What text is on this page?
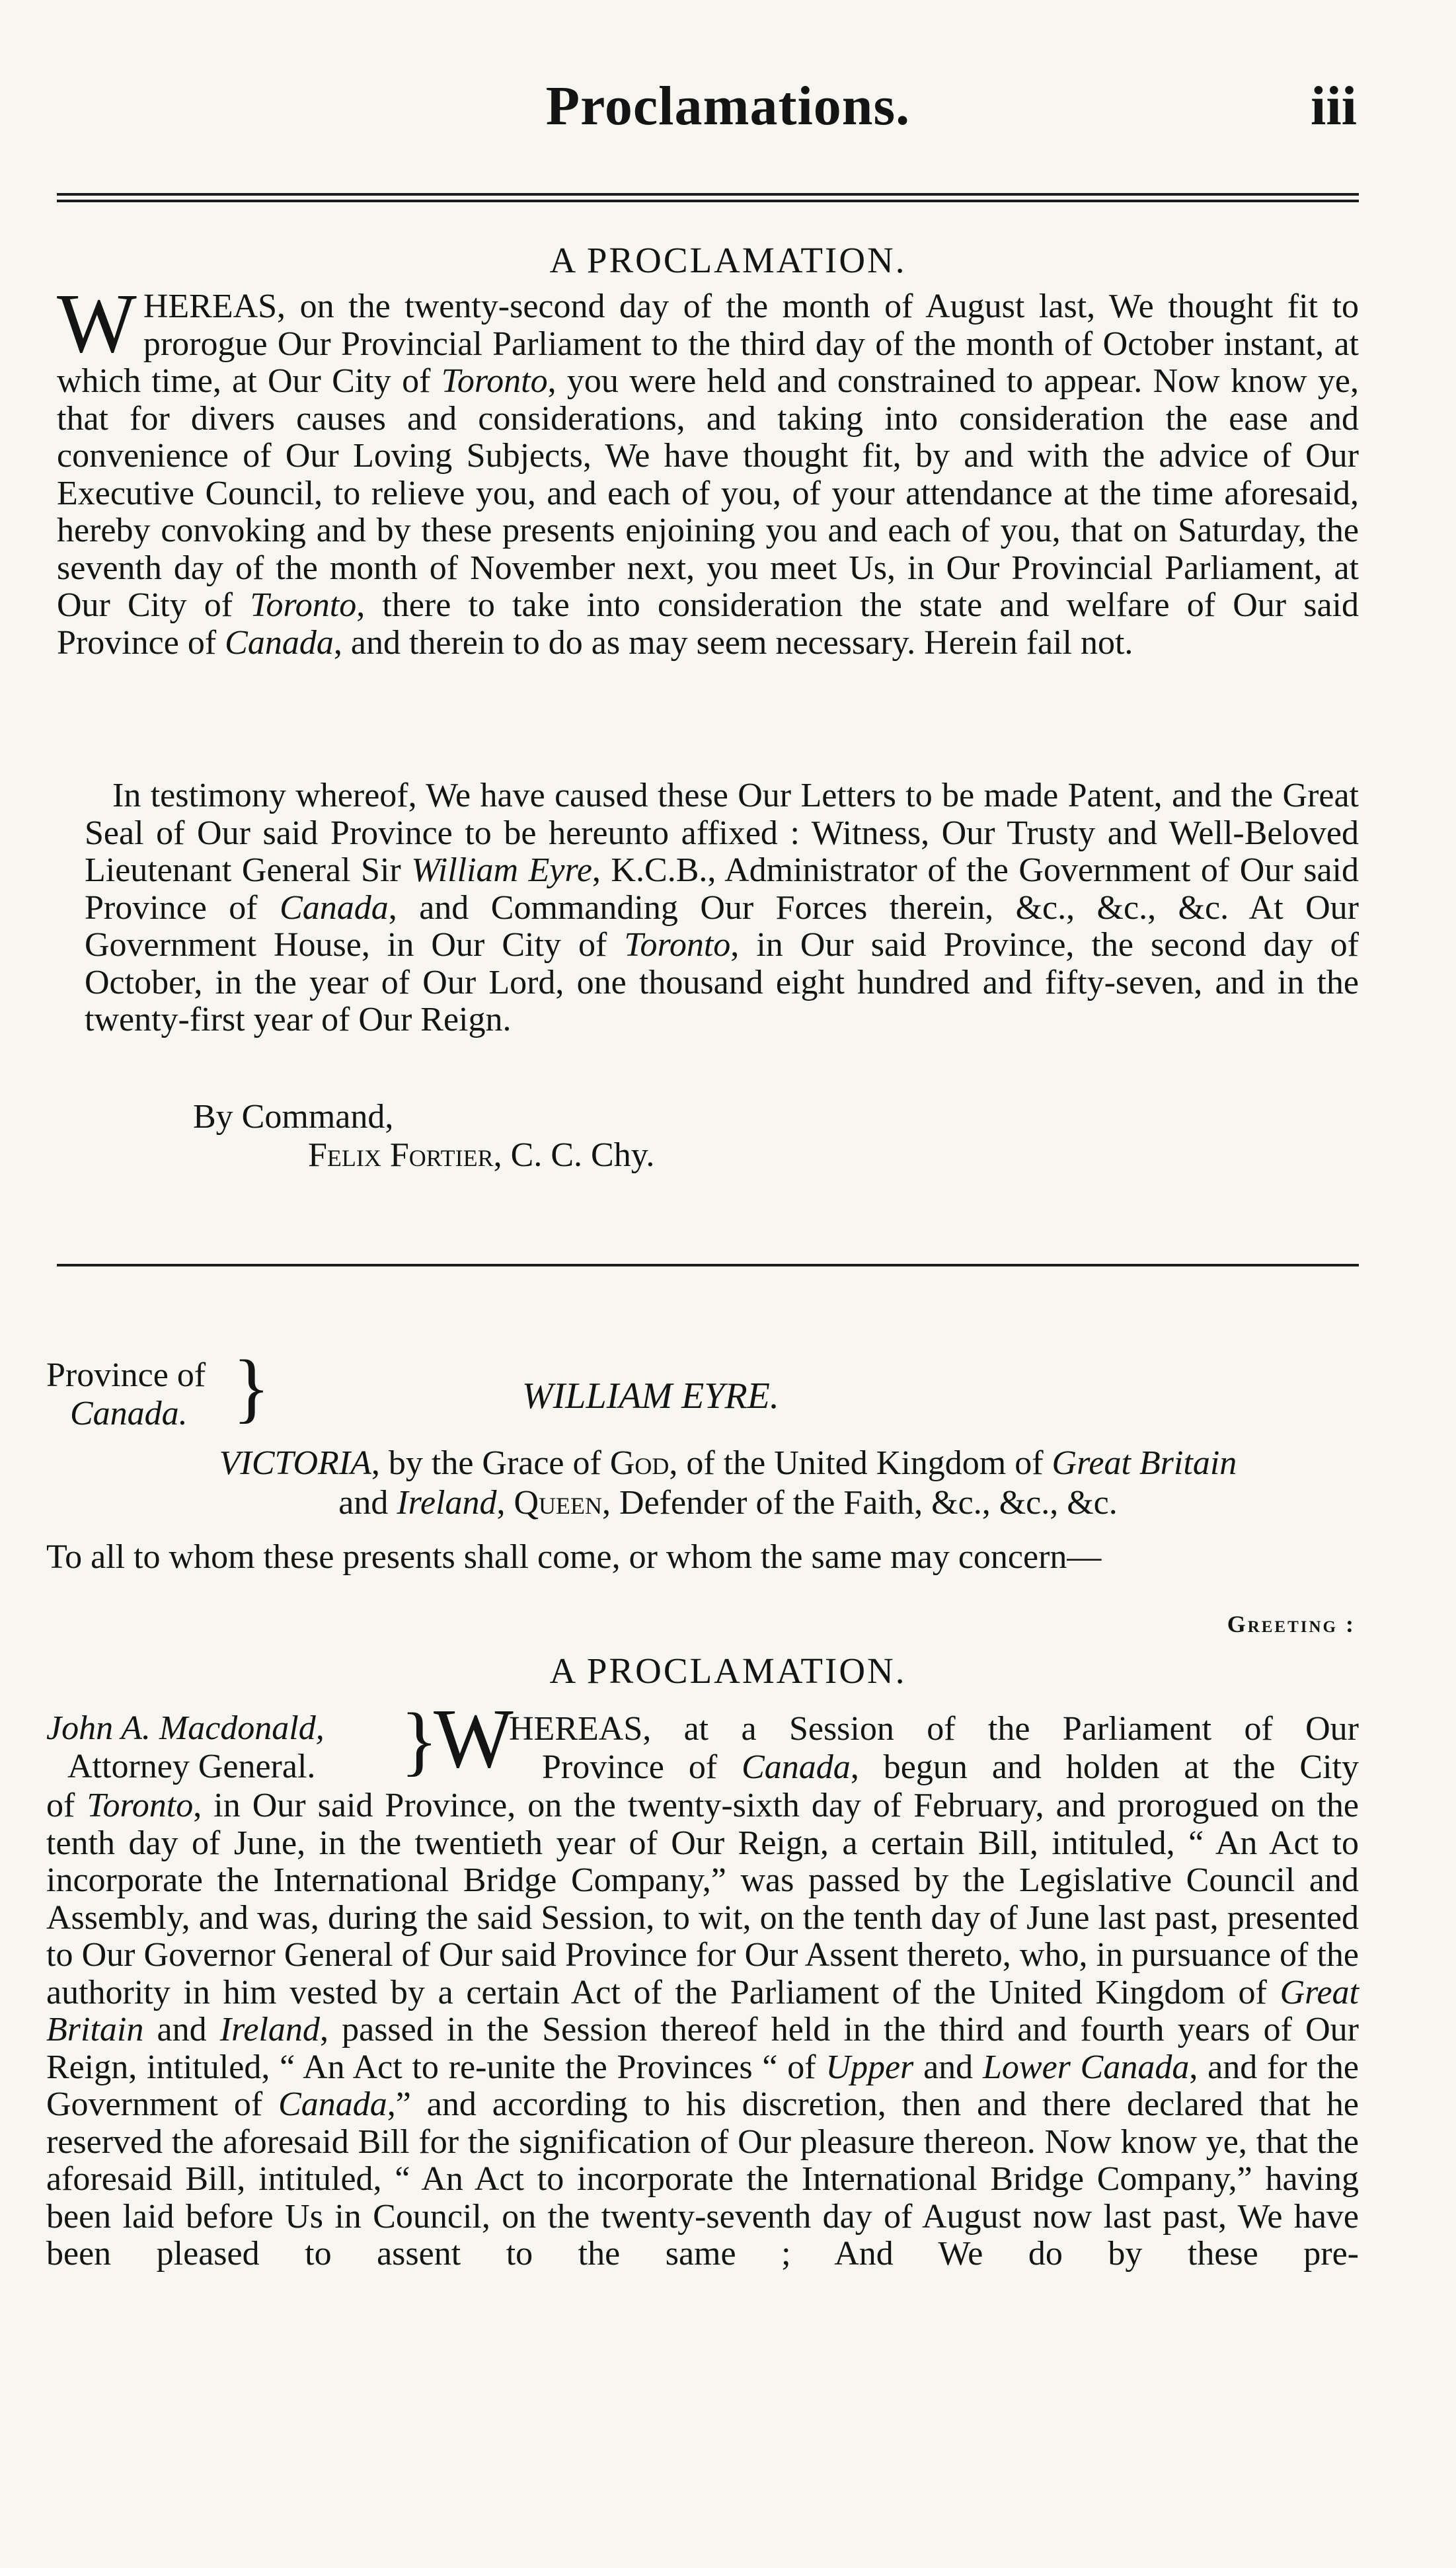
Proclamations.	iii
A PROCLAMATION.

WHEREAS, on the twenty-second day of the month of August last, We thought fit to prorogue Our Provincial Parliament to the third day of the month of October instant, at which time, at Our City of Toronto, you were held and constrained to appear. Now know ye, that for divers causes and considerations, and taking into consideration the ease and convenience of Our Loving Subjects, We have thought fit, by and with the advice of Our Executive Council, to relieve you, and each of you, of your attendance at the time aforesaid, hereby convoking and by these presents enjoining you and each of you, that on Saturday, the seventh day of the month of November next, you meet Us, in Our Provincial Parliament, at Our City of Toronto, there to take into consideration the state and welfare of Our said Province of Canada, and therein to do as may seem necessary. Herein fail not.

In testimony whereof, We have caused these Our Letters to be made Patent, and the Great Seal of Our said Province to be hereunto affixed : Witness, Our Trusty and Well-Beloved Lieutenant General Sir William Eyre, K.C.B., Administrator of the Government of Our said Province of Canada, and Commanding Our Forces therein, &c., &c., &c. At Our Government House, in Our City of Toronto, in Our said Province, the second day of October, in the year of Our Lord, one thousand eight hundred and fifty-seven, and in the twenty-first year of Our Reign.

By Command,
Felix Fortier, C. C. Chy.
Province of
Canada. }	WILLIAM EYRE.
VICTORIA, by the Grace of God, of the United Kingdom of Great Britain
and Ireland, Queen, Defender of the Faith, &c., &c., &c.
To all to whom these presents shall come, or whom the same may concern—
Greeting :
A PROCLAMATION.
John A. Macdonald,
Attorney General.	}
W
HEREAS, at a Session of the Parliament of Our
Province of Canada, begun and holden at the City

of Toronto, in Our said Province, on the twenty-sixth day of February, and prorogued on the tenth day of June, in the twentieth year of Our Reign, a certain Bill, intituled, “ An Act to incorporate the International Bridge Company,” was passed by the Legislative Council and Assembly, and was, during the said Session, to wit, on the tenth day of June last past, presented to Our Governor General of Our said Province for Our Assent thereto, who, in pursuance of the authority in him vested by a certain Act of the Parliament of the United Kingdom of Great Britain and Ireland, passed in the Session thereof held in the third and fourth years of Our Reign, intituled, “ An Act to re-unite the Provinces “ of Upper and Lower Canada, and for the Government of Canada,” and according to his discretion, then and there declared that he reserved the aforesaid Bill for the signification of Our pleasure thereon. Now know ye, that the aforesaid Bill, intituled, “ An Act to incorporate the International Bridge Company,” having been laid before Us in Council, on the twenty-seventh day of August now last past, We have been pleased to assent to the same ; And We do by these pre-
